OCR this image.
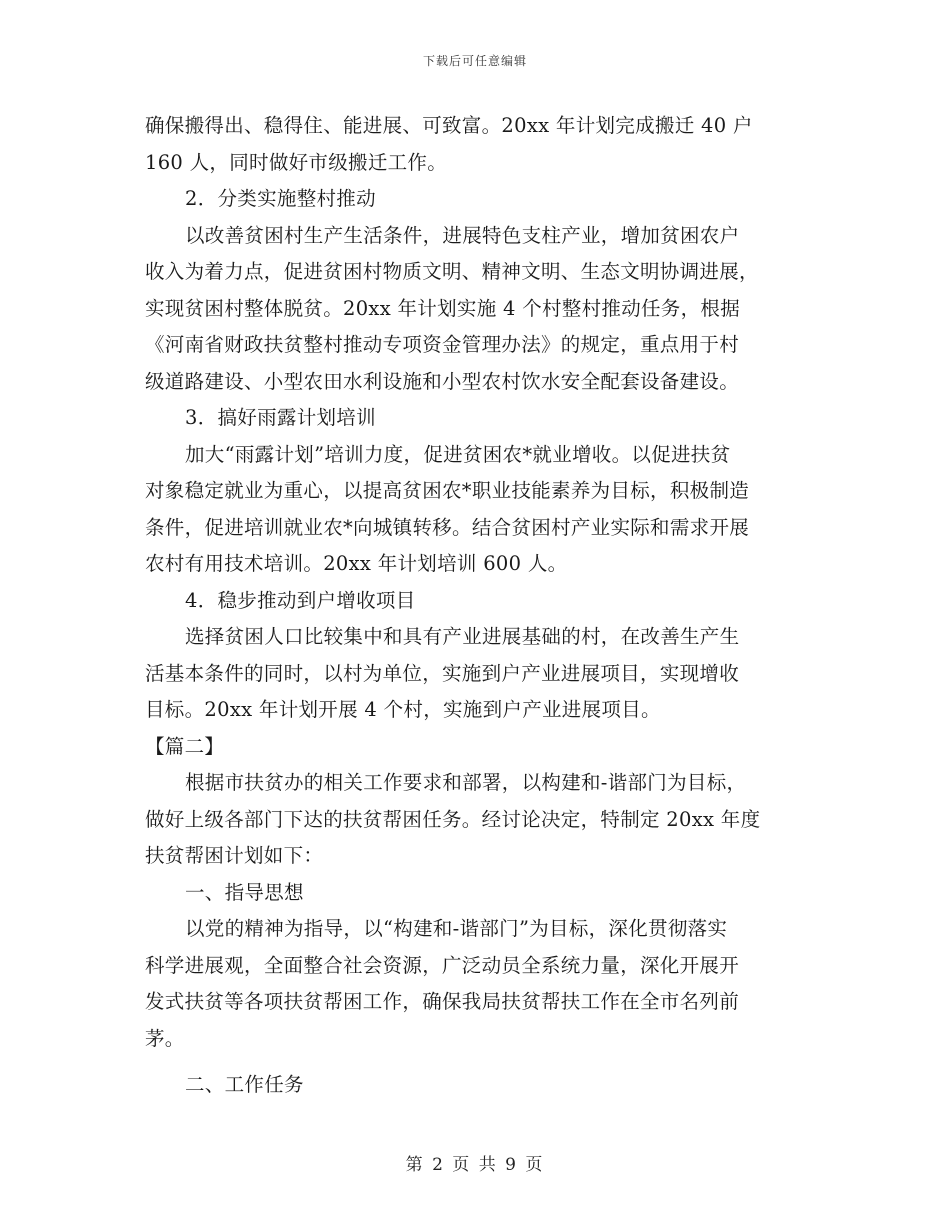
下载后可任意编辑
确保搬得出、稳得住、能进展、可致富。20xx 年计划完成搬迁 40 户
160 人，同时做好市级搬迁工作。
2．分类实施整村推动
以改善贫困村生产生活条件，进展特色支柱产业，增加贫困农户
收入为着力点，促进贫困村物质文明、精神文明、生态文明协调进展，
实现贫困村整体脱贫。20xx 年计划实施 4 个村整村推动任务，根据
《河南省财政扶贫整村推动专项资金管理办法》的规定，重点用于村
级道路建设、小型农田水利设施和小型农村饮水安全配套设备建设。
3．搞好雨露计划培训
加大“雨露计划”培训力度，促进贫困农*就业增收。以促进扶贫
对象稳定就业为重心，以提高贫困农*职业技能素养为目标，积极制造
条件，促进培训就业农*向城镇转移。结合贫困村产业实际和需求开展
农村有用技术培训。20xx 年计划培训 600 人。
4．稳步推动到户增收项目
选择贫困人口比较集中和具有产业进展基础的村，在改善生产生
活基本条件的同时，以村为单位，实施到户产业进展项目，实现增收
目标。20xx 年计划开展 4 个村，实施到户产业进展项目。
【篇二】
根据市扶贫办的相关工作要求和部署，以构建和-谐部门为目标，
做好上级各部门下达的扶贫帮困任务。经讨论决定，特制定 20xx 年度
扶贫帮困计划如下：
一、指导思想
以党的精神为指导，以“构建和-谐部门”为目标，深化贯彻落实
科学进展观，全面整合社会资源，广泛动员全系统力量，深化开展开
发式扶贫等各项扶贫帮困工作，确保我局扶贫帮扶工作在全市名列前
茅。
二、工作任务
第 2 页 共 9 页
